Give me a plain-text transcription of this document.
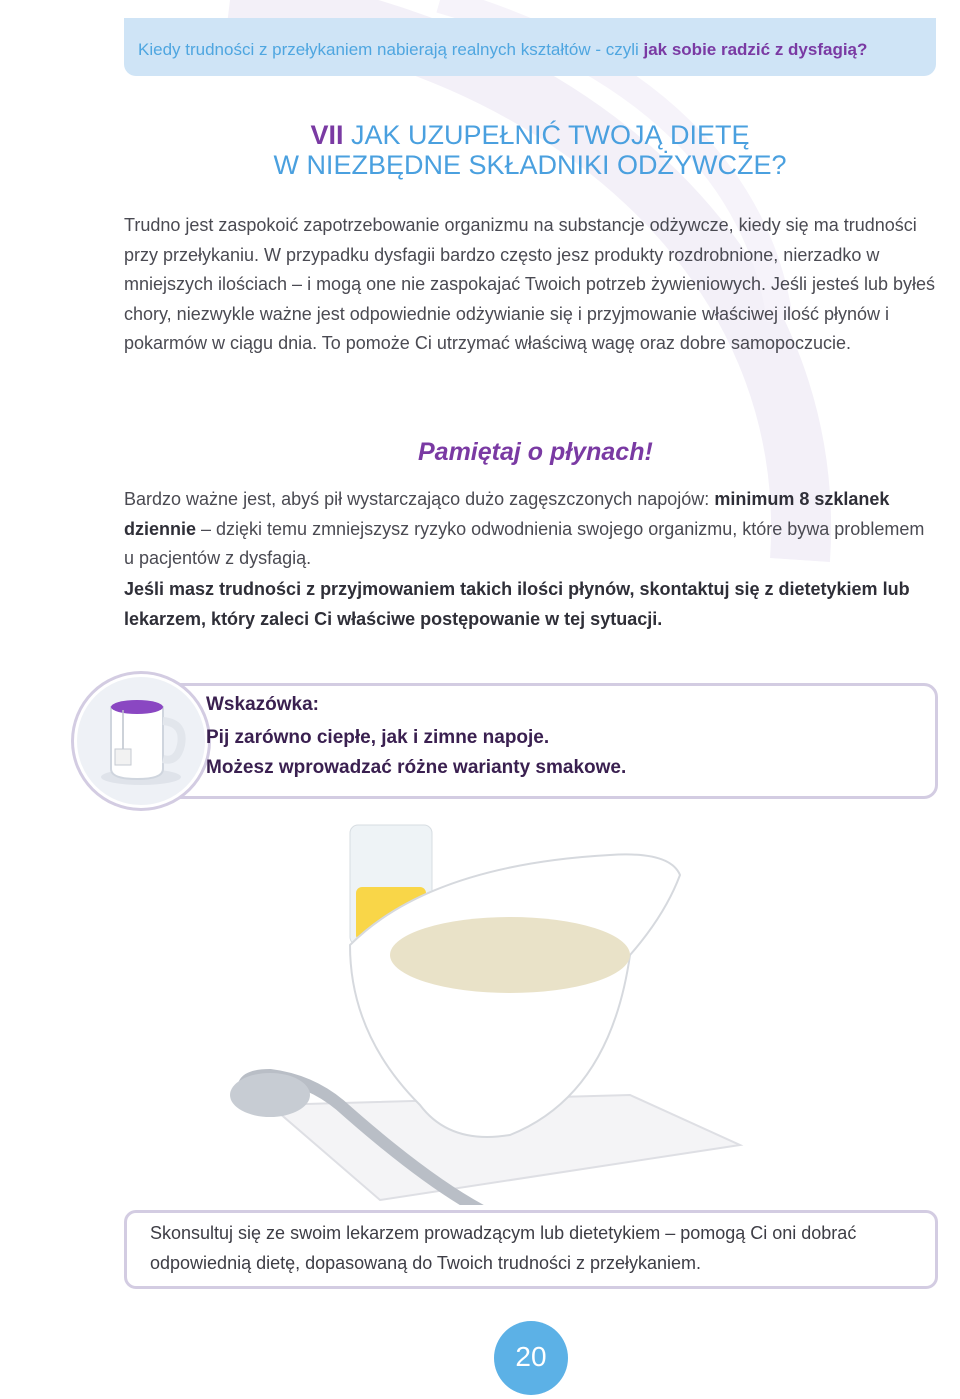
Kiedy trudności z przełykaniem nabierają realnych kształtów - czyli jak sobie radzić z dysfagią?
VII JAK UZUPEŁNIĆ TWOJĄ DIETĘ
W NIEZBĘDNE SKŁADNIKI ODŻYWCZE?

Trudno jest zaspokoić zapotrzebowanie organizmu na substancje odżywcze, kiedy się ma trudności przy przełykaniu. W przypadku dysfagii bardzo często jesz produkty rozdrobnione, nierzadko w mniejszych ilościach – i mogą one nie zaspokajać Twoich potrzeb żywieniowych. Jeśli jesteś lub byłeś chory, niezwykle ważne jest odpowiednie odżywianie się i przyjmowanie właściwej ilość płynów i pokarmów w ciągu dnia. To pomoże Ci utrzymać właściwą wagę oraz dobre samopoczucie.

Pamiętaj o płynach!

Bardzo ważne jest, abyś pił wystarczająco dużo zagęszczonych napojów: minimum 8 szklanek dziennie – dzięki temu zmniejszysz ryzyko odwodnienia swojego organizmu, które bywa problemem u pacjentów z dysfagią.

Jeśli masz trudności z przyjmowaniem takich ilości płynów, skontaktuj się z dietetykiem lub lekarzem, który zaleci Ci właściwe postępowanie w tej sytuacji.

Wskazówka:
Pij zarówno ciepłe, jak i zimne napoje.
Możesz wprowadzać różne warianty smakowe.

Skonsultuj się ze swoim lekarzem prowadzącym lub dietetykiem – pomogą Ci oni dobrać odpowiednią dietę, dopasowaną do Twoich trudności z przełykaniem.

20
